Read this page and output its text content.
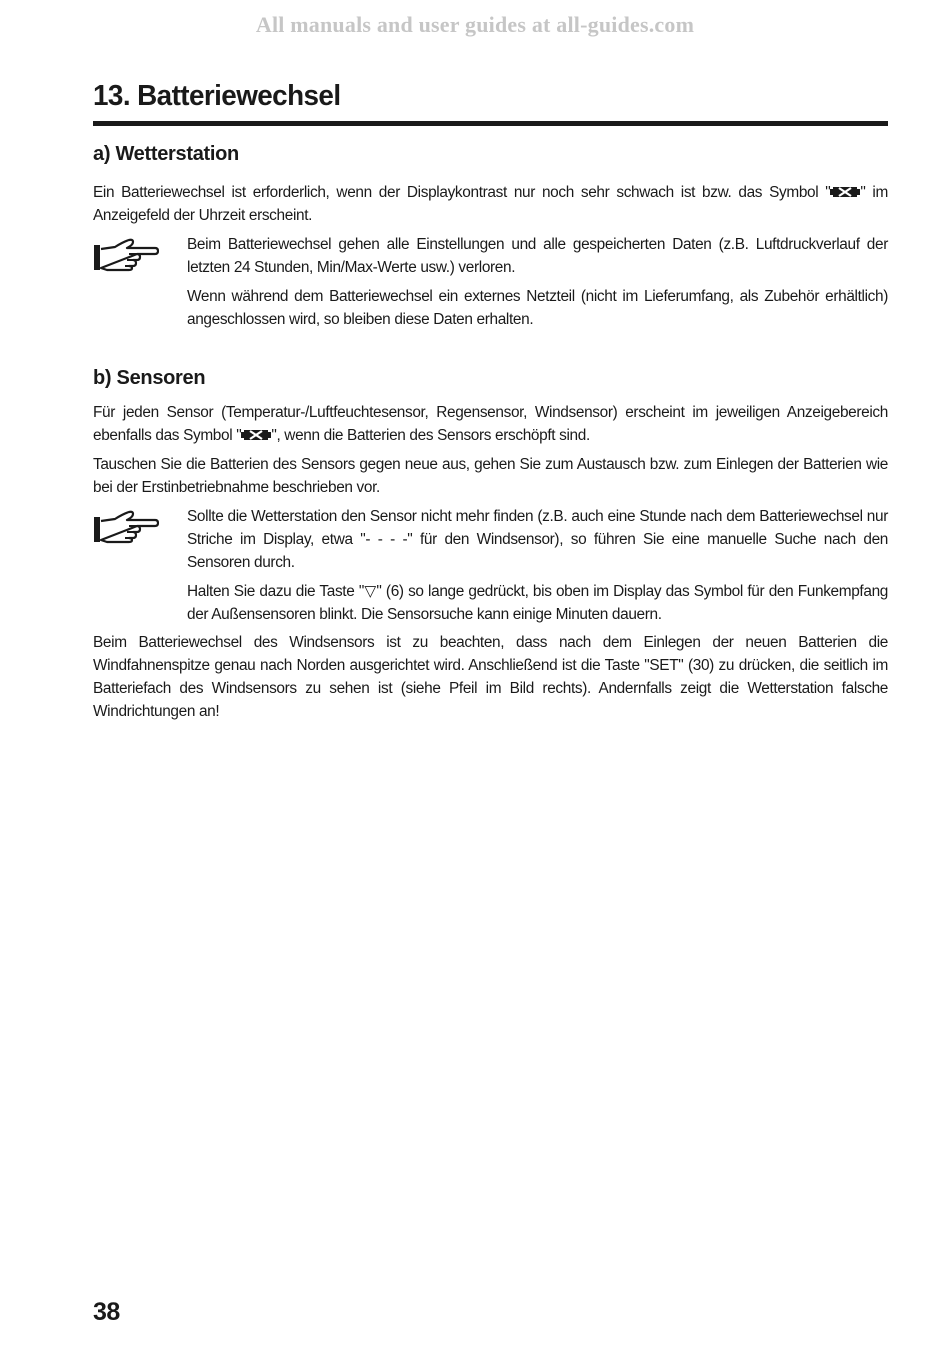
All manuals and user guides at all-guides.com
13. Batteriewechsel
a) Wetterstation

Ein Batteriewechsel ist erforderlich, wenn der Displaykontrast nur noch sehr schwach ist bzw. das Symbol " " im Anzeigefeld der Uhrzeit erscheint.

Beim Batteriewechsel gehen alle Einstellungen und alle gespeicherten Daten (z.B. Luftdruckverlauf der letzten 24 Stunden, Min/Max-Werte usw.) verloren.

Wenn während dem Batteriewechsel ein externes Netzteil (nicht im Lieferumfang, als Zubehör erhältlich) angeschlossen wird, so bleiben diese Daten erhalten.

b) Sensoren

Für jeden Sensor (Temperatur-/Luftfeuchtesensor, Regensensor, Windsensor) erscheint im jeweiligen Anzeigebereich ebenfalls das Symbol " ", wenn die Batterien des Sensors erschöpft sind.

Tauschen Sie die Batterien des Sensors gegen neue aus, gehen Sie zum Austausch bzw. zum Einlegen der Batterien wie bei der Erstinbetriebnahme beschrieben vor.

Sollte die Wetterstation den Sensor nicht mehr finden (z.B. auch eine Stunde nach dem Batteriewechsel nur Striche im Display, etwa "- - - -" für den Windsensor), so führen Sie eine manuelle Suche nach den Sensoren durch.

Halten Sie dazu die Taste "▽" (6) so lange gedrückt, bis oben im Display das Symbol für den Funkempfang der Außensensoren blinkt. Die Sensorsuche kann einige Minuten dauern.

Beim Batteriewechsel des Windsensors ist zu beachten, dass nach dem Einlegen der neuen Batterien die Windfahnenspitze genau nach Norden ausgerichtet wird. Anschließend ist die Taste "SET" (30) zu drücken, die seitlich im Batteriefach des Windsensors zu sehen ist (siehe Pfeil im Bild rechts). Andernfalls zeigt die Wetterstation falsche Windrichtungen an!

38
